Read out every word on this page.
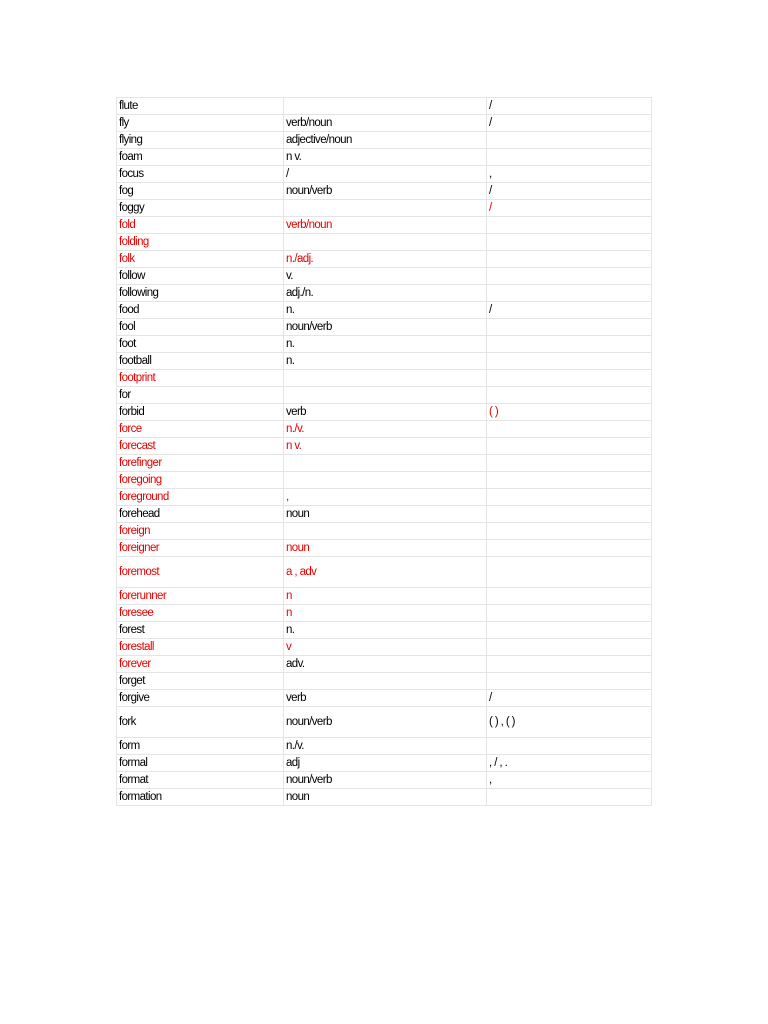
flute		/
fly	verb/noun	/
flying	adjective/noun	
foam	n v.	
focus	/	,
fog	noun/verb	/
foggy		/
fold	verb/noun	
folding		
folk	n./adj.	
follow	v.	
following	adj./n.	
food	n.	/
fool	noun/verb	
foot	n.	
football	n.	
footprint		
for		
forbid	verb	( )
force	n./v.	
forecast	n v.	
forefinger		
foregoing		
foreground	,	
forehead	noun	
foreign		
foreigner	noun	
foremost	a , adv	
forerunner	n	
foresee	n	
forest	n.	
forestall	v	
forever	adv.	
forget		
forgive	verb	/
fork	noun/verb	( ) , ( )
form	n./v.	
formal	adj	, / , .
format	noun/verb	,
formation	noun	
